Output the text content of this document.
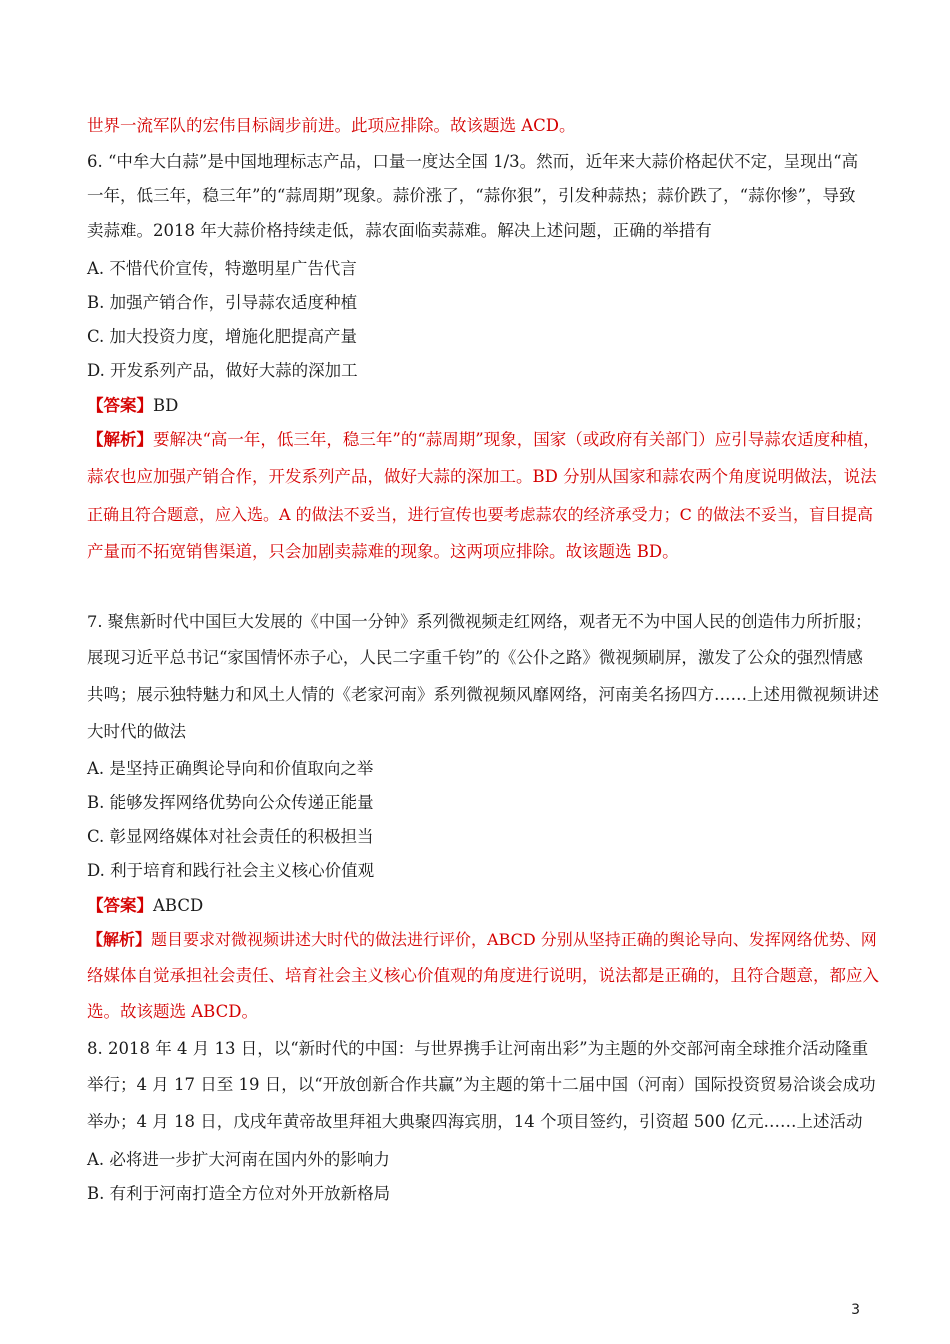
世界一流军队的宏伟目标阔步前进。此项应排除。故该题选 ACD。
6. “中牟大白蒜”是中国地理标志产品，口量一度达全国 1/3。然而，近年来大蒜价格起伏不定，呈现出“高
一年，低三年，稳三年”的“蒜周期”现象。蒜价涨了，“蒜你狠”，引发种蒜热；蒜价跌了，“蒜你惨”，导致
卖蒜难。2018 年大蒜价格持续走低，蒜农面临卖蒜难。解决上述问题，正确的举措有
A. 不惜代价宣传，特邀明星广告代言
B. 加强产销合作，引导蒜农适度种植
C. 加大投资力度，增施化肥提高产量
D. 开发系列产品，做好大蒜的深加工
【答案】BD
【解析】要解决“高一年，低三年，稳三年”的“蒜周期”现象，国家（或政府有关部门）应引导蒜农适度种植，
蒜农也应加强产销合作，开发系列产品，做好大蒜的深加工。BD 分别从国家和蒜农两个角度说明做法，说法
正确且符合题意，应入选。A 的做法不妥当，进行宣传也要考虑蒜农的经济承受力；C 的做法不妥当，盲目提高
产量而不拓宽销售渠道，只会加剧卖蒜难的现象。这两项应排除。故该题选 BD。
7. 聚焦新时代中国巨大发展的《中国一分钟》系列微视频走红网络，观者无不为中国人民的创造伟力所折服；
展现习近平总书记“家国情怀赤子心，人民二字重千钧”的《公仆之路》微视频刷屏，激发了公众的强烈情感
共鸣；展示独特魅力和风土人情的《老家河南》系列微视频风靡网络，河南美名扬四方……上述用微视频讲述
大时代的做法
A. 是坚持正确舆论导向和价值取向之举
B. 能够发挥网络优势向公众传递正能量
C. 彰显网络媒体对社会责任的积极担当
D. 利于培育和践行社会主义核心价值观
【答案】ABCD
【解析】题目要求对微视频讲述大时代的做法进行评价，ABCD 分别从坚持正确的舆论导向、发挥网络优势、网
络媒体自觉承担社会责任、培育社会主义核心价值观的角度进行说明，说法都是正确的，且符合题意，都应入
选。故该题选 ABCD。
8. 2018 年 4 月 13 日，以“新时代的中国：与世界携手让河南出彩”为主题的外交部河南全球推介活动隆重
举行；4 月 17 日至 19 日，以“开放创新合作共赢”为主题的第十二届中国（河南）国际投资贸易洽谈会成功
举办；4 月 18 日，戊戌年黄帝故里拜祖大典聚四海宾朋，14 个项目签约，引资超 500 亿元……上述活动
A. 必将进一步扩大河南在国内外的影响力
B. 有利于河南打造全方位对外开放新格局
3
